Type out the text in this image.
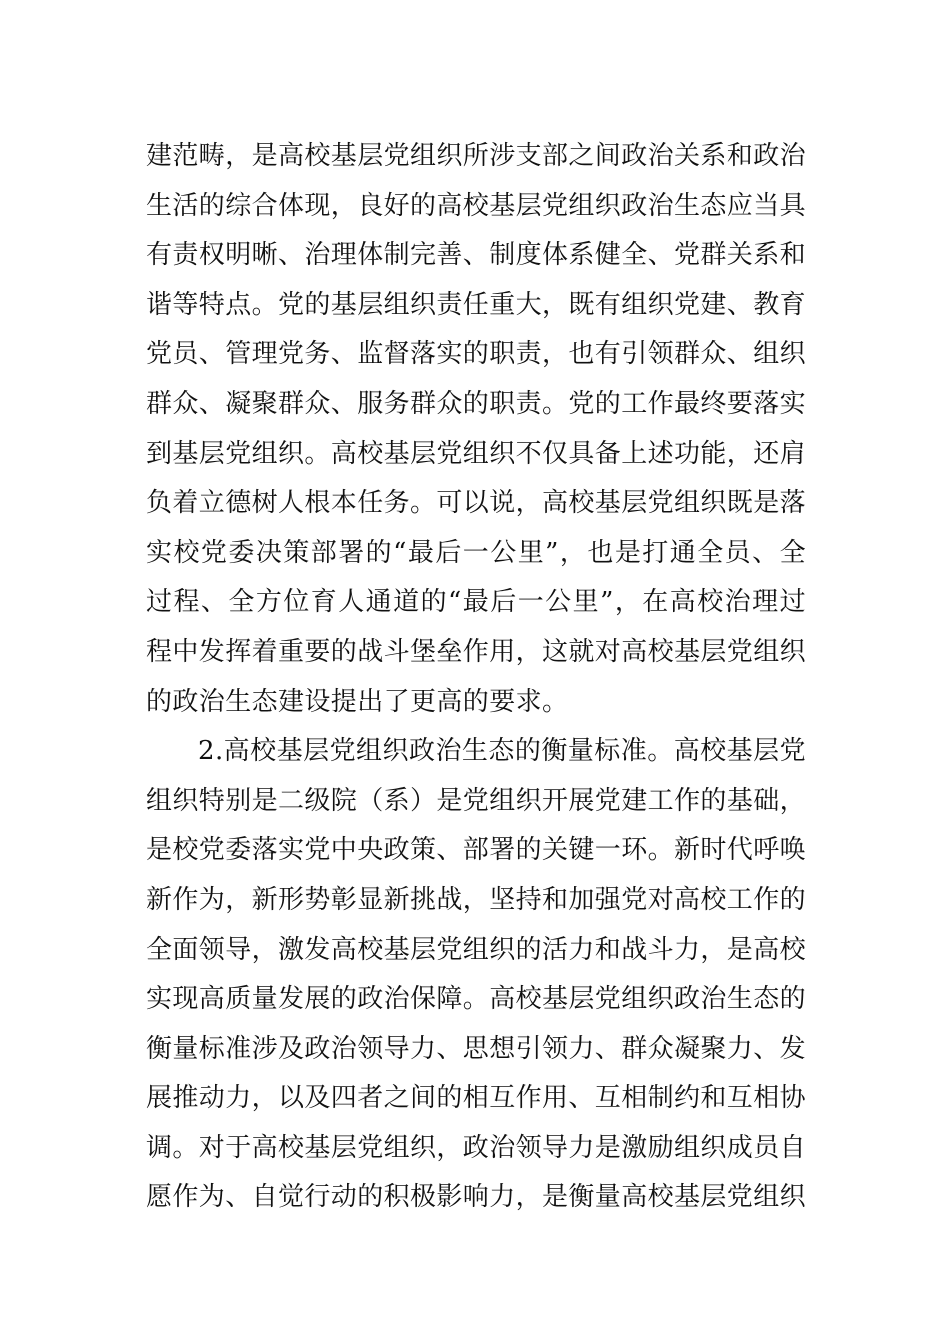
建范畴，是高校基层党组织所涉支部之间政治关系和政治
生活的综合体现，良好的高校基层党组织政治生态应当具
有责权明晰、治理体制完善、制度体系健全、党群关系和
谐等特点。党的基层组织责任重大，既有组织党建、教育
党员、管理党务、监督落实的职责，也有引领群众、组织
群众、凝聚群众、服务群众的职责。党的工作最终要落实
到基层党组织。高校基层党组织不仅具备上述功能，还肩
负着立德树人根本任务。可以说，高校基层党组织既是落
实校党委决策部署的“最后一公里”，也是打通全员、全
过程、全方位育人通道的“最后一公里”，在高校治理过
程中发挥着重要的战斗堡垒作用，这就对高校基层党组织
的政治生态建设提出了更高的要求。
2.高校基层党组织政治生态的衡量标准。高校基层党
组织特别是二级院（系）是党组织开展党建工作的基础，
是校党委落实党中央政策、部署的关键一环。新时代呼唤
新作为，新形势彰显新挑战，坚持和加强党对高校工作的
全面领导，激发高校基层党组织的活力和战斗力，是高校
实现高质量发展的政治保障。高校基层党组织政治生态的
衡量标准涉及政治领导力、思想引领力、群众凝聚力、发
展推动力，以及四者之间的相互作用、互相制约和互相协
调。对于高校基层党组织，政治领导力是激励组织成员自
愿作为、自觉行动的积极影响力，是衡量高校基层党组织
